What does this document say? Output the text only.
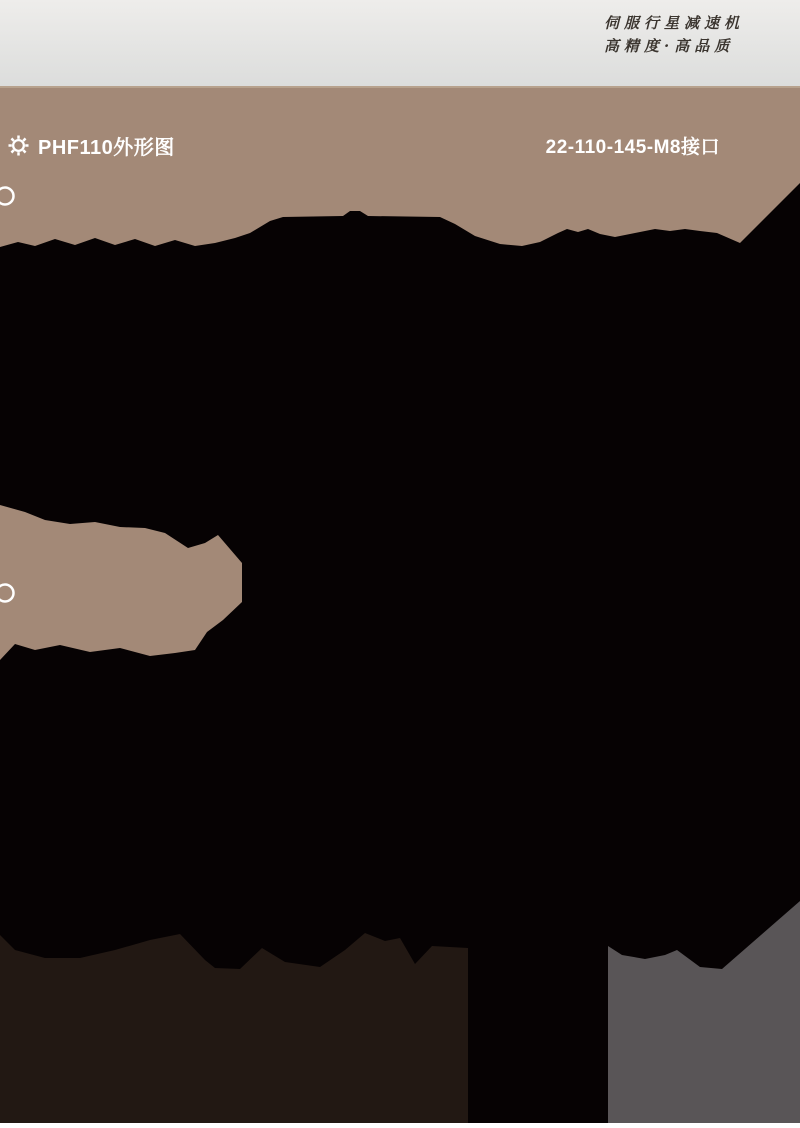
伺服行星减速机
高精度·高品质
PHF110外形图	22-110-145-M8接口
